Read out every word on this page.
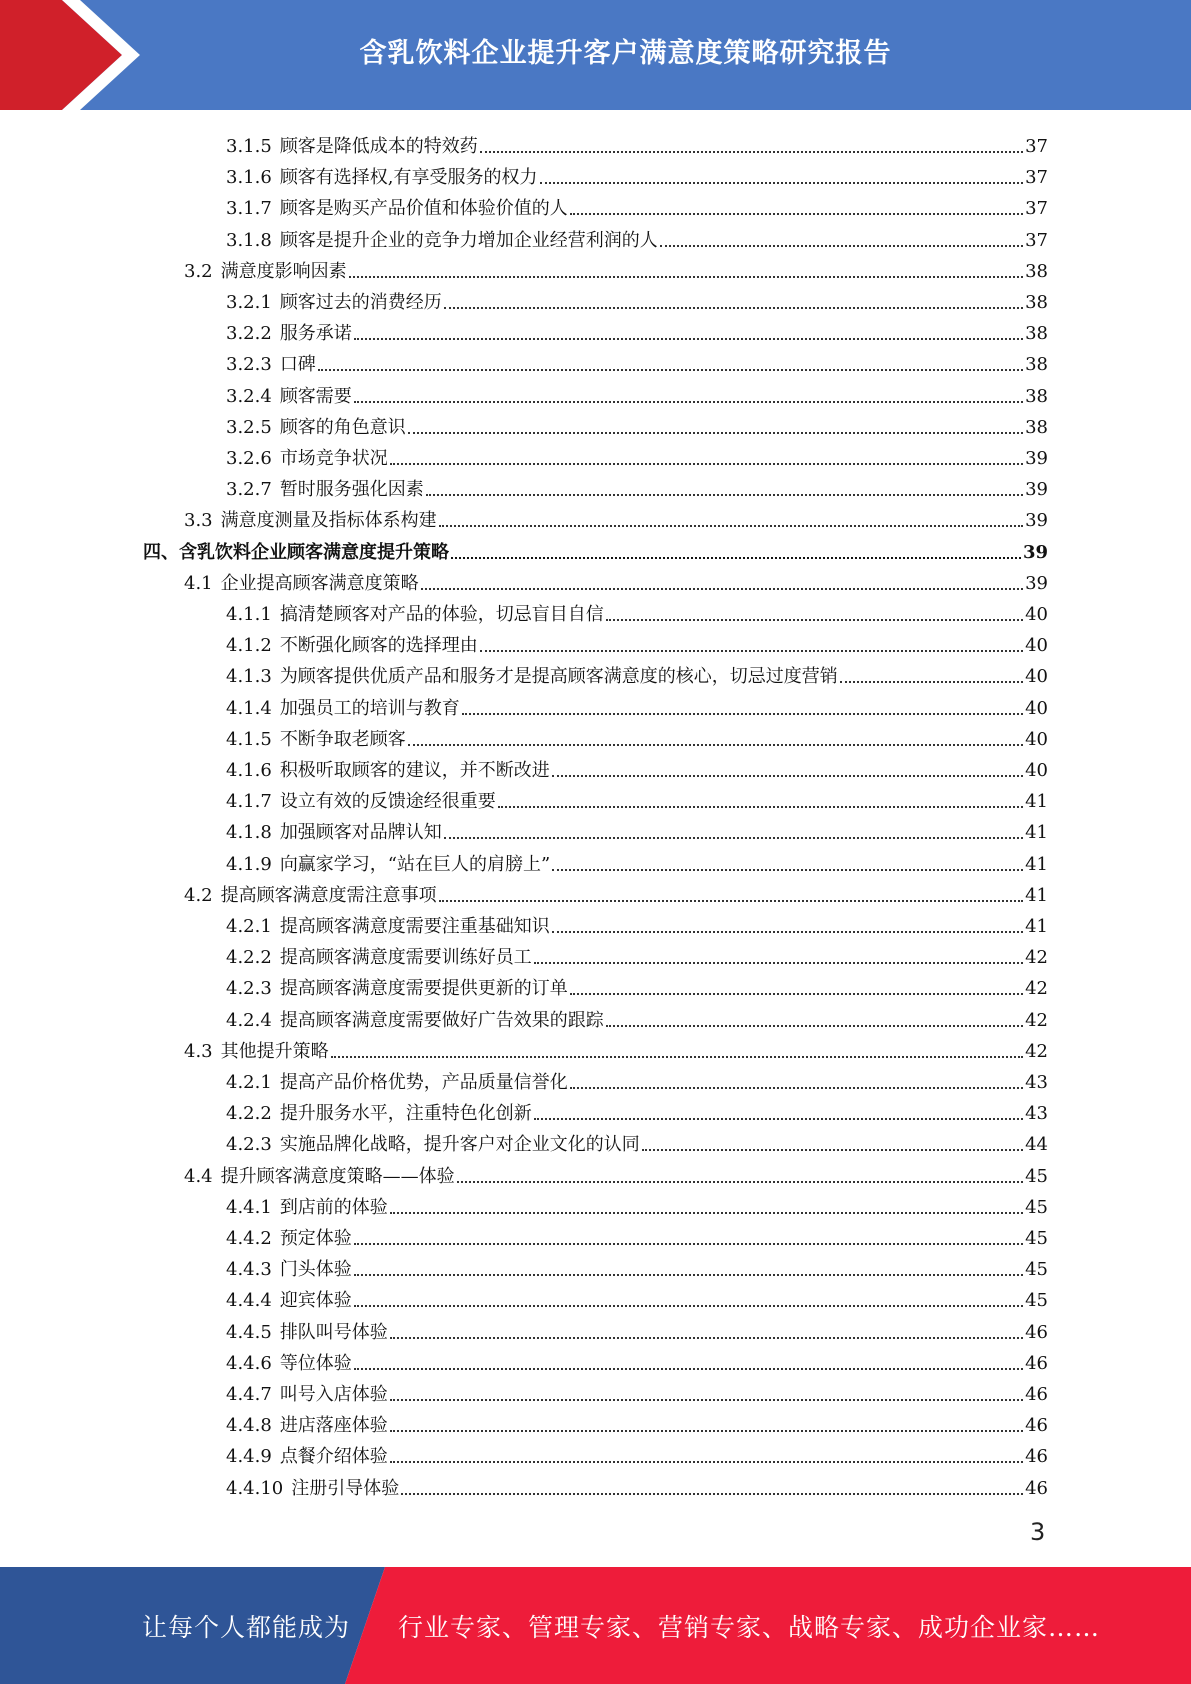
含乳饮料企业提升客户满意度策略研究报告
3.1.5 顾客是降低成本的特效药	37
3.1.6 顾客有选择权,有享受服务的权力	37
3.1.7 顾客是购买产品价值和体验价值的人	37
3.1.8 顾客是提升企业的竞争力增加企业经营利润的人	37
3.2 满意度影响因素	38
3.2.1 顾客过去的消费经历	38
3.2.2 服务承诺	38
3.2.3 口碑	38
3.2.4 顾客需要	38
3.2.5 顾客的角色意识	38
3.2.6 市场竞争状况	39
3.2.7 暂时服务强化因素	39
3.3 满意度测量及指标体系构建	39
四、含乳饮料企业顾客满意度提升策略	39
4.1 企业提高顾客满意度策略	39
4.1.1 搞清楚顾客对产品的体验，切忌盲目自信	40
4.1.2 不断强化顾客的选择理由	40
4.1.3 为顾客提供优质产品和服务才是提高顾客满意度的核心，切忌过度营销	40
4.1.4 加强员工的培训与教育	40
4.1.5 不断争取老顾客	40
4.1.6 积极听取顾客的建议，并不断改进	40
4.1.7 设立有效的反馈途经很重要	41
4.1.8 加强顾客对品牌认知	41
4.1.9 向赢家学习，“站在巨人的肩膀上”	41
4.2 提高顾客满意度需注意事项	41
4.2.1 提高顾客满意度需要注重基础知识	41
4.2.2 提高顾客满意度需要训练好员工	42
4.2.3 提高顾客满意度需要提供更新的订单	42
4.2.4 提高顾客满意度需要做好广告效果的跟踪	42
4.3 其他提升策略	42
4.2.1 提高产品价格优势，产品质量信誉化	43
4.2.2 提升服务水平，注重特色化创新	43
4.2.3 实施品牌化战略，提升客户对企业文化的认同	44
4.4 提升顾客满意度策略——体验	45
4.4.1 到店前的体验	45
4.4.2 预定体验	45
4.4.3 门头体验	45
4.4.4 迎宾体验	45
4.4.5 排队叫号体验	46
4.4.6 等位体验	46
4.4.7 叫号入店体验	46
4.4.8 进店落座体验	46
4.4.9 点餐介绍体验	46
4.4.10 注册引导体验	46
3
让每个人都能成为 行业专家、管理专家、营销专家、战略专家、成功企业家……
